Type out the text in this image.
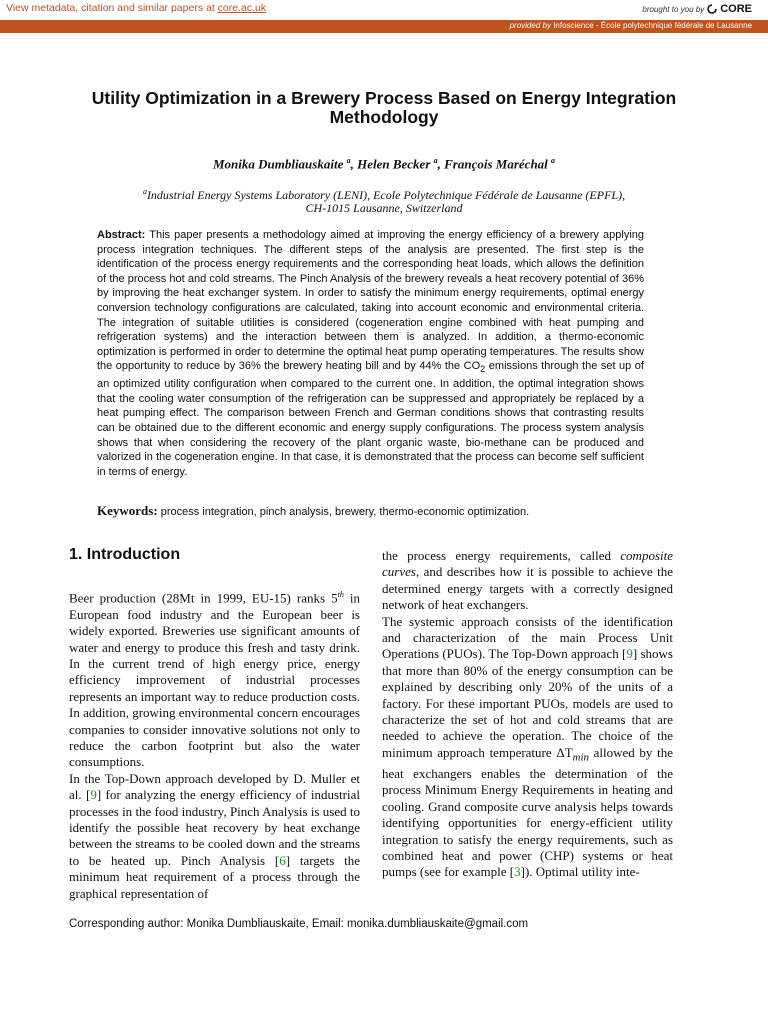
View metadata, citation and similar papers at core.ac.uk	brought to you by CORE
provided by Infoscience - École polytechnique fédérale de Lausanne
Utility Optimization in a Brewery Process Based on Energy Integration Methodology
Monika Dumbliauskaite $^a$, Helen Becker $^a$, François Maréchal $^a$
$^a$Industrial Energy Systems Laboratory (LENI), Ecole Polytechnique Fédérale de Lausanne (EPFL),
CH-1015 Lausanne, Switzerland
Abstract: This paper presents a methodology aimed at improving the energy efficiency of a brewery applying process integration techniques. The different steps of the analysis are presented. The first step is the identification of the process energy requirements and the corresponding heat loads, which allows the definition of the process hot and cold streams. The Pinch Analysis of the brewery reveals a heat recovery potential of 36% by improving the heat exchanger system. In order to satisfy the minimum energy requirements, optimal energy conversion technology configurations are calculated, taking into account economic and environmental criteria. The integration of suitable utilities is considered (cogeneration engine combined with heat pumping and refrigeration systems) and the interaction between them is analyzed. In addition, a thermo-economic optimization is performed in order to determine the optimal heat pump operating temperatures. The results show the opportunity to reduce by 36% the brewery heating bill and by 44% the $CO_2$ emissions through the set up of an optimized utility configuration when compared to the current one. In addition, the optimal integration shows that the cooling water consumption of the refrigeration can be suppressed and appropriately be replaced by a heat pumping effect. The comparison between French and German conditions shows that contrasting results can be obtained due to the different economic and energy supply configurations. The process system analysis shows that when considering the recovery of the plant organic waste, bio-methane can be produced and valorized in the cogeneration engine. In that case, it is demonstrated that the process can become self sufficient in terms of energy.
Keywords: process integration, pinch analysis, brewery, thermo-economic optimization.
1. Introduction

Beer production (28Mt in 1999, EU-15) ranks 5th in European food industry and the European beer is widely exported. Breweries use significant amounts of water and energy to produce this fresh and tasty drink. In the current trend of high energy price, energy efficiency improvement of industrial processes represents an important way to reduce production costs. In addition, growing environmental concern encourages companies to consider innovative solutions not only to reduce the carbon footprint but also the water consumptions.

In the Top-Down approach developed by D. Muller et al. [9] for analyzing the energy efficiency of industrial processes in the food industry, Pinch Analysis is used to identify the possible heat recovery by heat exchange between the streams to be cooled down and the streams to be heated up. Pinch Analysis [6] targets the minimum heat requirement of a process through the graphical representation of

the process energy requirements, called composite curves, and describes how it is possible to achieve the determined energy targets with a correctly designed network of heat exchangers.

The systemic approach consists of the identification and characterization of the main Process Unit Operations (PUOs). The Top-Down approach [9] shows that more than 80% of the energy consumption can be explained by describing only 20% of the units of a factory. For these important PUOs, models are used to characterize the set of hot and cold streams that are needed to achieve the operation. The choice of the minimum approach temperature $\Delta T_{min}$ allowed by the heat exchangers enables the determination of the process Minimum Energy Requirements in heating and cooling. Grand composite curve analysis helps towards identifying opportunities for energy-efficient utility integration to satisfy the energy requirements, such as combined heat and power (CHP) systems or heat pumps (see for example [3]). Optimal utility inte-

Corresponding author: Monika Dumbliauskaite, Email: monika.dumbliauskaite@gmail.com
